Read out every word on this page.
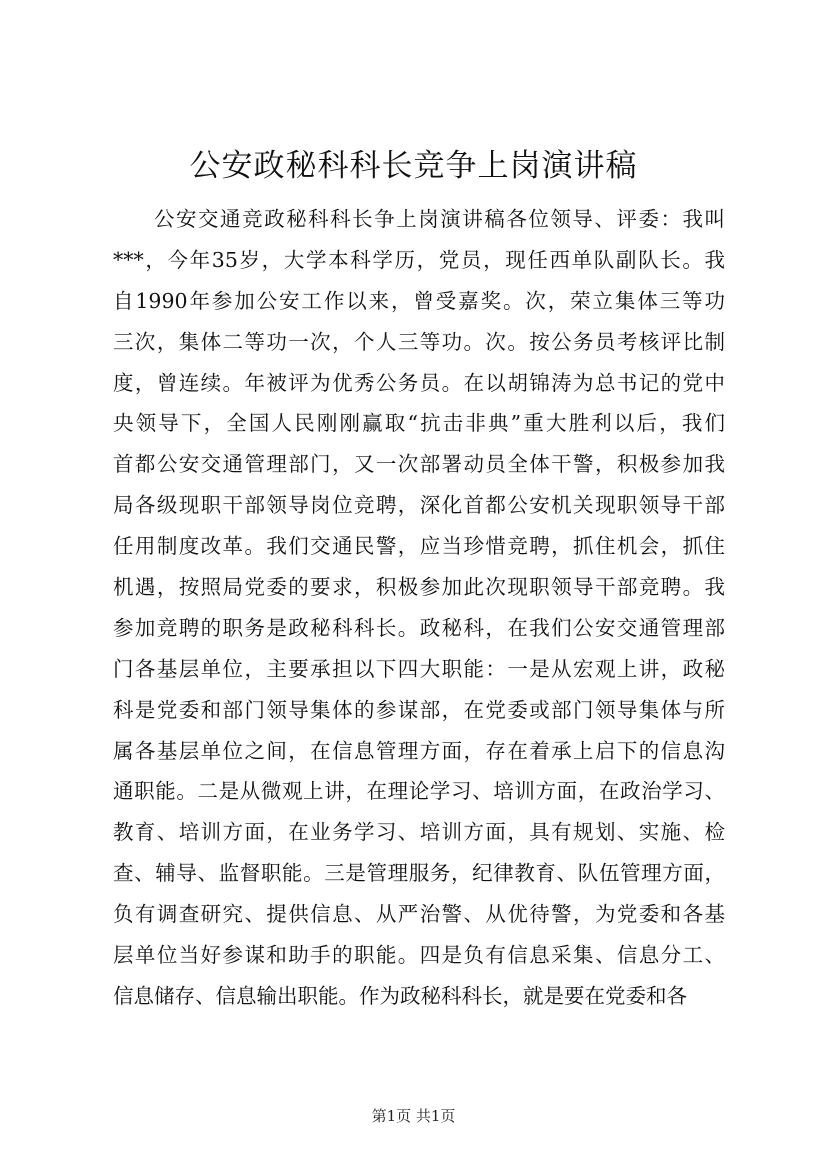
公安政秘科科长竞争上岗演讲稿
公安交通竞政秘科科长争上岗演讲稿各位领导、评委：我叫
***，今年35岁，大学本科学历，党员，现任西单队副队长。我
自1990年参加公安工作以来，曾受嘉奖。次，荣立集体三等功
三次，集体二等功一次，个人三等功。次。按公务员考核评比制
度，曾连续。年被评为优秀公务员。在以胡锦涛为总书记的党中
央领导下，全国人民刚刚赢取“抗击非典”重大胜利以后，我们
首都公安交通管理部门，又一次部署动员全体干警，积极参加我
局各级现职干部领导岗位竞聘，深化首都公安机关现职领导干部
任用制度改革。我们交通民警，应当珍惜竞聘，抓住机会，抓住
机遇，按照局党委的要求，积极参加此次现职领导干部竞聘。我
参加竞聘的职务是政秘科科长。政秘科，在我们公安交通管理部
门各基层单位，主要承担以下四大职能：一是从宏观上讲，政秘
科是党委和部门领导集体的参谋部，在党委或部门领导集体与所
属各基层单位之间，在信息管理方面，存在着承上启下的信息沟
通职能。二是从微观上讲，在理论学习、培训方面，在政治学习、
教育、培训方面，在业务学习、培训方面，具有规划、实施、检
查、辅导、监督职能。三是管理服务，纪律教育、队伍管理方面，
负有调查研究、提供信息、从严治警、从优待警，为党委和各基
层单位当好参谋和助手的职能。四是负有信息采集、信息分工、
信息储存、信息输出职能。作为政秘科科长，就是要在党委和各
第1页 共1页
